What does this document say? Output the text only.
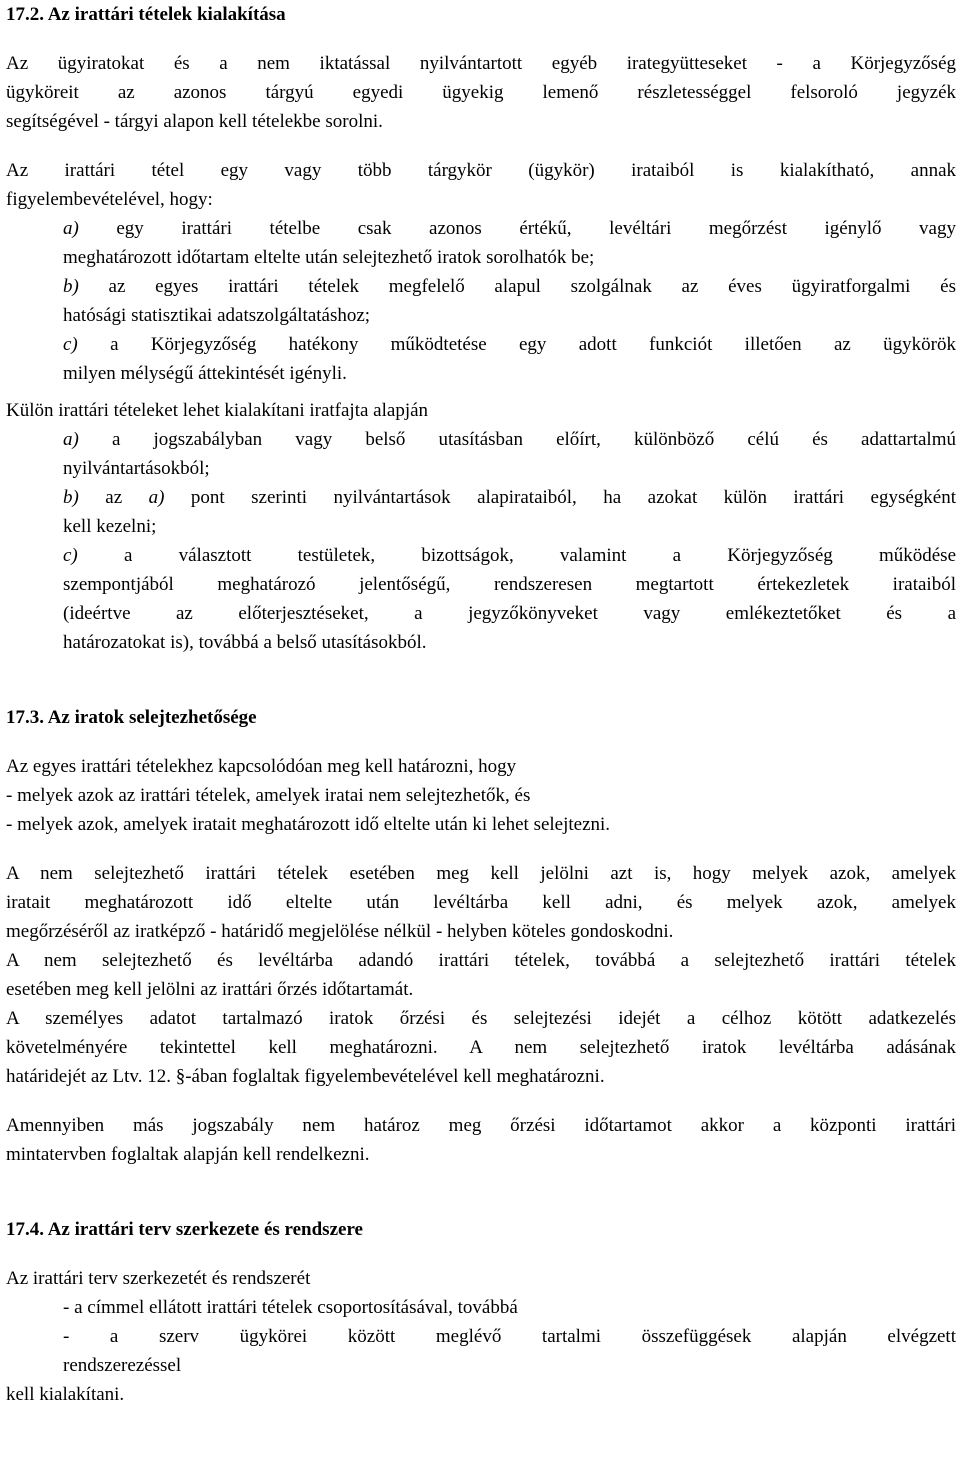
17.2. Az irattári tételek kialakítása
Az ügyiratokat és a nem iktatással nyilvántartott egyéb irategyütteseket - a Körjegyzőség
ügyköreit az azonos tárgyú egyedi ügyekig lemenő részletességgel felsoroló jegyzék
segítségével - tárgyi alapon kell tételekbe sorolni.
Az irattári tétel egy vagy több tárgykör (ügykör) irataiból is kialakítható, annak
figyelembevételével, hogy:
a) egy irattári tételbe csak azonos értékű, levéltári megőrzést igénylő vagy
meghatározott időtartam eltelte után selejtezhető iratok sorolhatók be;
b) az egyes irattári tételek megfelelő alapul szolgálnak az éves ügyiratforgalmi és
hatósági statisztikai adatszolgáltatáshoz;
c) a Körjegyzőség hatékony működtetése egy adott funkciót illetően az ügykörök
milyen mélységű áttekintését igényli.
Külön irattári tételeket lehet kialakítani iratfajta alapján
a) a jogszabályban vagy belső utasításban előírt, különböző célú és adattartalmú
nyilvántartásokból;
b) az a) pont szerinti nyilvántartások alapirataiból, ha azokat külön irattári egységként
kell kezelni;
c) a választott testületek, bizottságok, valamint a Körjegyzőség működése
szempontjából meghatározó jelentőségű, rendszeresen megtartott értekezletek irataiból
(ideértve az előterjesztéseket, a jegyzőkönyveket vagy emlékeztetőket és a
határozatokat is), továbbá a belső utasításokból.
17.3. Az iratok selejtezhetősége
Az egyes irattári tételekhez kapcsolódóan meg kell határozni, hogy
- melyek azok az irattári tételek, amelyek iratai nem selejtezhetők, és
- melyek azok, amelyek iratait meghatározott idő eltelte után ki lehet selejtezni.
A nem selejtezhető irattári tételek esetében meg kell jelölni azt is, hogy melyek azok, amelyek
iratait meghatározott idő eltelte után levéltárba kell adni, és melyek azok, amelyek
megőrzéséről az iratképző - határidő megjelölése nélkül - helyben köteles gondoskodni.
A nem selejtezhető és levéltárba adandó irattári tételek, továbbá a selejtezhető irattári tételek
esetében meg kell jelölni az irattári őrzés időtartamát.
A személyes adatot tartalmazó iratok őrzési és selejtezési idejét a célhoz kötött adatkezelés
követelményére tekintettel kell meghatározni. A nem selejtezhető iratok levéltárba adásának
határidejét az Ltv. 12. §-ában foglaltak figyelembevételével kell meghatározni.
Amennyiben más jogszabály nem határoz meg őrzési időtartamot akkor a központi irattári
mintatervben foglaltak alapján kell rendelkezni.
17.4. Az irattári terv szerkezete és rendszere
Az irattári terv szerkezetét és rendszerét
- a címmel ellátott irattári tételek csoportosításával, továbbá
- a szerv ügykörei között meglévő tartalmi összefüggések alapján elvégzett
rendszerezéssel
kell kialakítani.
